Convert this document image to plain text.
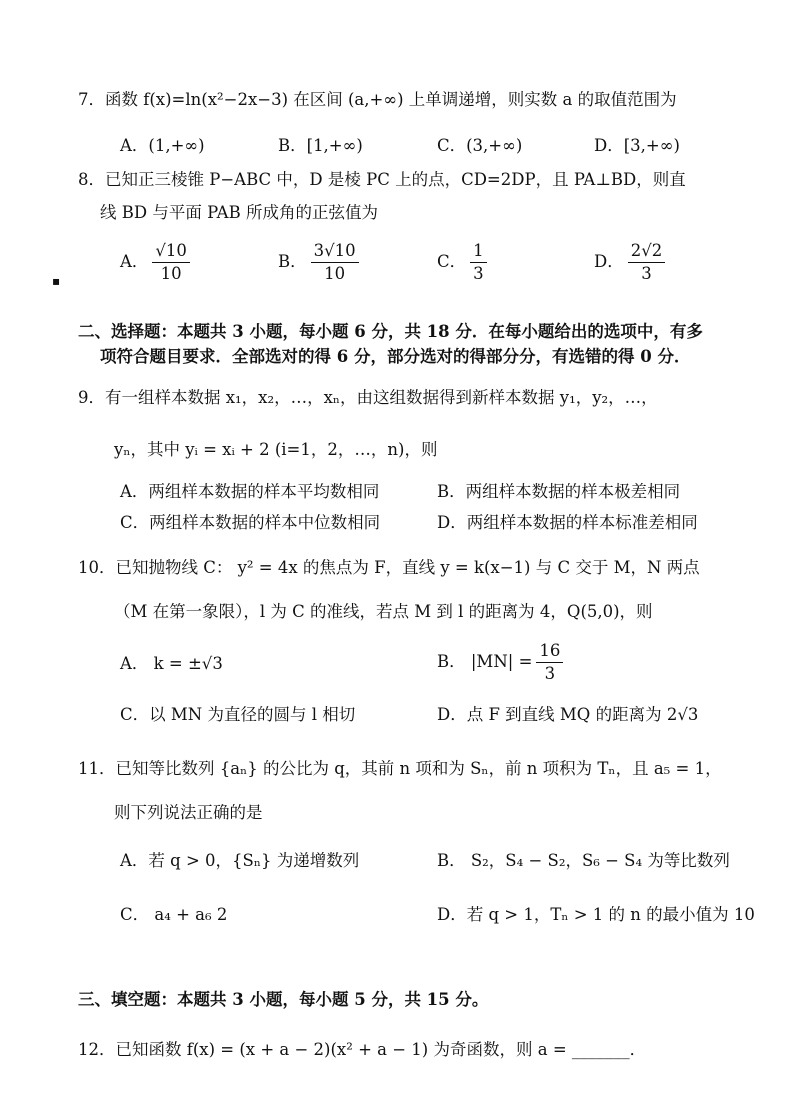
7．函数 f(x)=ln(x²−2x−3) 在区间 (a,+∞) 上单调递增，则实数 a 的取值范围为
A．(1,+∞)	B．[1,+∞)	C．(3,+∞)	D．[3,+∞)
8．已知正三棱锥 P−ABC 中，D 是棱 PC 上的点，CD=2DP，且 PA⊥BD，则直
线 BD 与平面 PAB 所成角的正弦值为
A． $\frac{√10}{10}$	B． $\frac{3√10}{10}$	C． $\frac{1}{3}$	D． $\frac{2√2}{3}$
▪
二、选择题：本题共 3 小题，每小题 6 分，共 18 分．在每小题给出的选项中，有多
项符合题目要求．全部选对的得 6 分，部分选对的得部分分，有选错的得 0 分．
9．有一组样本数据 x₁，x₂，…，xₙ，由这组数据得到新样本数据 y₁，y₂，…，
yₙ，其中 yᵢ = xᵢ + 2 (i=1，2，…，n)，则
A．两组样本数据的样本平均数相同	B．两组样本数据的样本极差相同
C．两组样本数据的样本中位数相同	D．两组样本数据的样本标准差相同
10．已知抛物线 C： y² = 4x 的焦点为 F，直线 y = k(x−1) 与 C 交于 M，N 两点
（M 在第一象限），l 为 C 的准线，若点 M 到 l 的距离为 4，Q(5,0)，则
A． k = ±√3	B． $|MN| = \frac{16}{3}$
C．以 MN 为直径的圆与 l 相切	D．点 F 到直线 MQ 的距离为 2√3
11．已知等比数列 {aₙ} 的公比为 q，其前 n 项和为 Sₙ，前 n 项积为 Tₙ，且 a₅ = 1，
则下列说法正确的是
A．若 q > 0，{Sₙ} 为递增数列	B． S₂，S₄ − S₂，S₆ − S₄ 为等比数列
C． a₄ + a₆ 2	D．若 q > 1，Tₙ > 1 的 n 的最小值为 10
三、填空题：本题共 3 小题，每小题 5 分，共 15 分。
12．已知函数 f(x) = (x + a − 2)(x² + a − 1) 为奇函数，则 a = _______．
